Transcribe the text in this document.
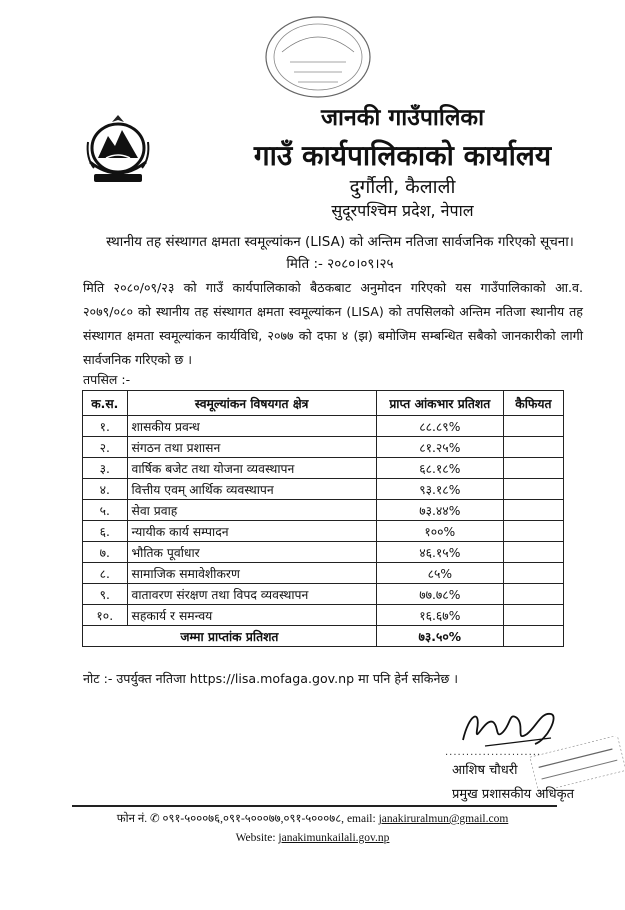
जानकी गाउँपालिका
गाउँ कार्यपालिकाको कार्यालय
दुर्गौली, कैलाली
सुदूरपश्चिम प्रदेश, नेपाल
स्थानीय तह संस्थागत क्षमता स्वमूल्यांकन (LISA) को अन्तिम नतिजा सार्वजनिक गरिएको सूचना।
मिति :- २०८०।०९।२५
मिति २०८०/०९/२३ को गाउँ कार्यपालिकाको बैठकबाट अनुमोदन गरिएको यस गाउँपालिकाको आ.व. २०७९/०८० को स्थानीय तह संस्थागत क्षमता स्वमूल्यांकन (LISA) को तपसिलको अन्तिम नतिजा स्थानीय तह संस्थागत क्षमता स्वमूल्यांकन कार्यविधि, २०७७ को दफा ४ (झ) बमोजिम सम्बन्धित सबैको जानकारीको लागी सार्वजनिक गरिएको छ ।
तपसिल :-
क.स.	स्वमूल्यांकन विषयगत क्षेत्र	प्राप्त आंकभार प्रतिशत	कैफियत
१.	शासकीय प्रवन्ध	८८.८९%	
२.	संगठन तथा प्रशासन	८१.२५%	
३.	वार्षिक बजेट तथा योजना व्यवस्थापन	६८.१८%	
४.	वित्तीय एवम् आर्थिक व्यवस्थापन	९३.१८%	
५.	सेवा प्रवाह	७३.४४%	
६.	न्यायीक कार्य सम्पादन	१००%	
७.	भौतिक पूर्वाधार	४६.१५%	
८.	सामाजिक समावेशीकरण	८५%	
९.	वातावरण संरक्षण तथा विपद व्यवस्थापन	७७.७८%	
१०.	सहकार्य र समन्वय	१६.६७%	
जम्मा प्राप्तांक प्रतिशत		७३.५०%	
नोट :- उपर्युक्त नतिजा https://lisa.mofaga.gov.np मा पनि हेर्न सकिनेछ ।
.......................
आशिष चौधरी
प्रमुख प्रशासकीय अधिकृत
फोन नं. ✆ ०९१-५०००७६,०९१-५०००७७,०९१-५०००७८, email: janakiruralmun@gmail.com
Website: janakimunkailali.gov.np
